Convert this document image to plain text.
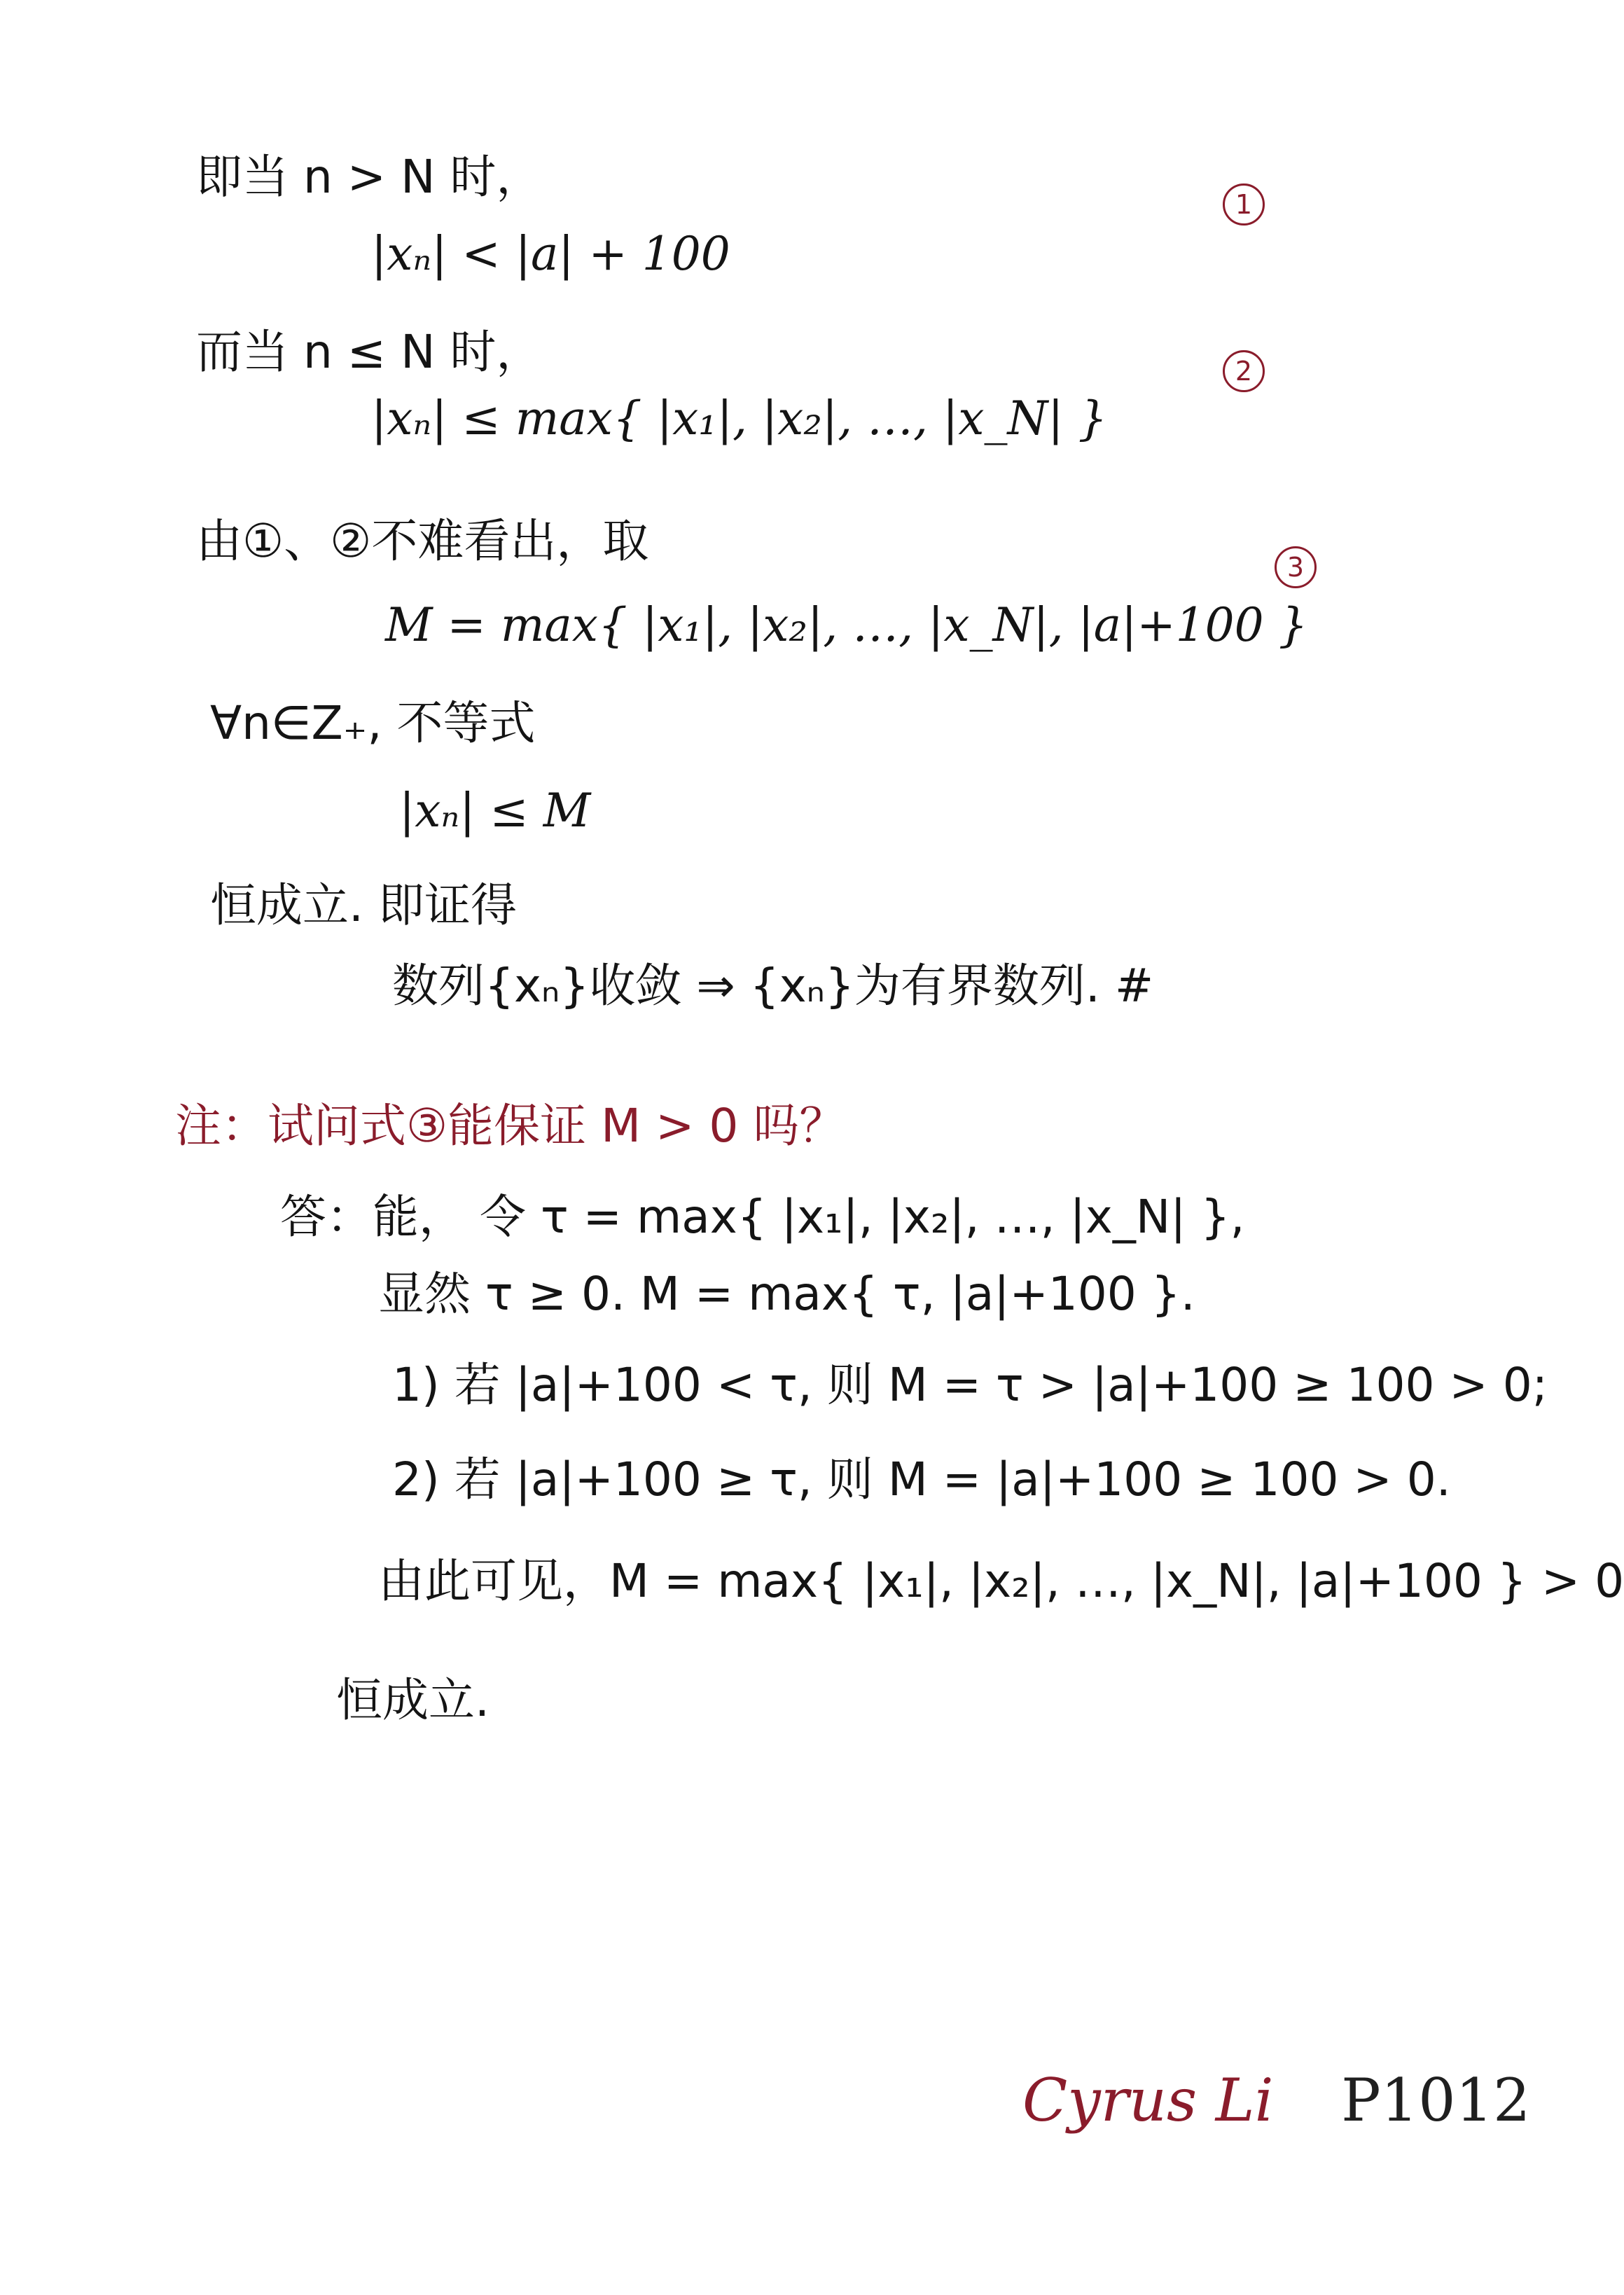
即当 n > N 时，
1
|xₙ| < |a| + 100
而当 n ≤ N 时，	2
|xₙ| ≤ max{ |x₁|, |x₂|, …, |x_N| }
由①、②不难看出，取
M = max{ |x₁|, |x₂|, …, |x_N|, |a|+100 }
3
∀n∈Z₊, 不等式
|xₙ| ≤ M
恒成立. 即证得
数列{xₙ}收敛 ⇒ {xₙ}为有界数列. #
注：试问式③能保证 M > 0 吗？
答：能， 令 τ = max{ |x₁|, |x₂|, …, |x_N| },
显然 τ ≥ 0. M = max{ τ, |a|+100 }.
1) 若 |a|+100 < τ, 则 M = τ > |a|+100 ≥ 100 > 0;
2) 若 |a|+100 ≥ τ, 则 M = |a|+100 ≥ 100 > 0.
由此可见，M = max{ |x₁|, |x₂|, …, |x_N|, |a|+100 } > 0
恒成立.
Cyrus Li P1012
